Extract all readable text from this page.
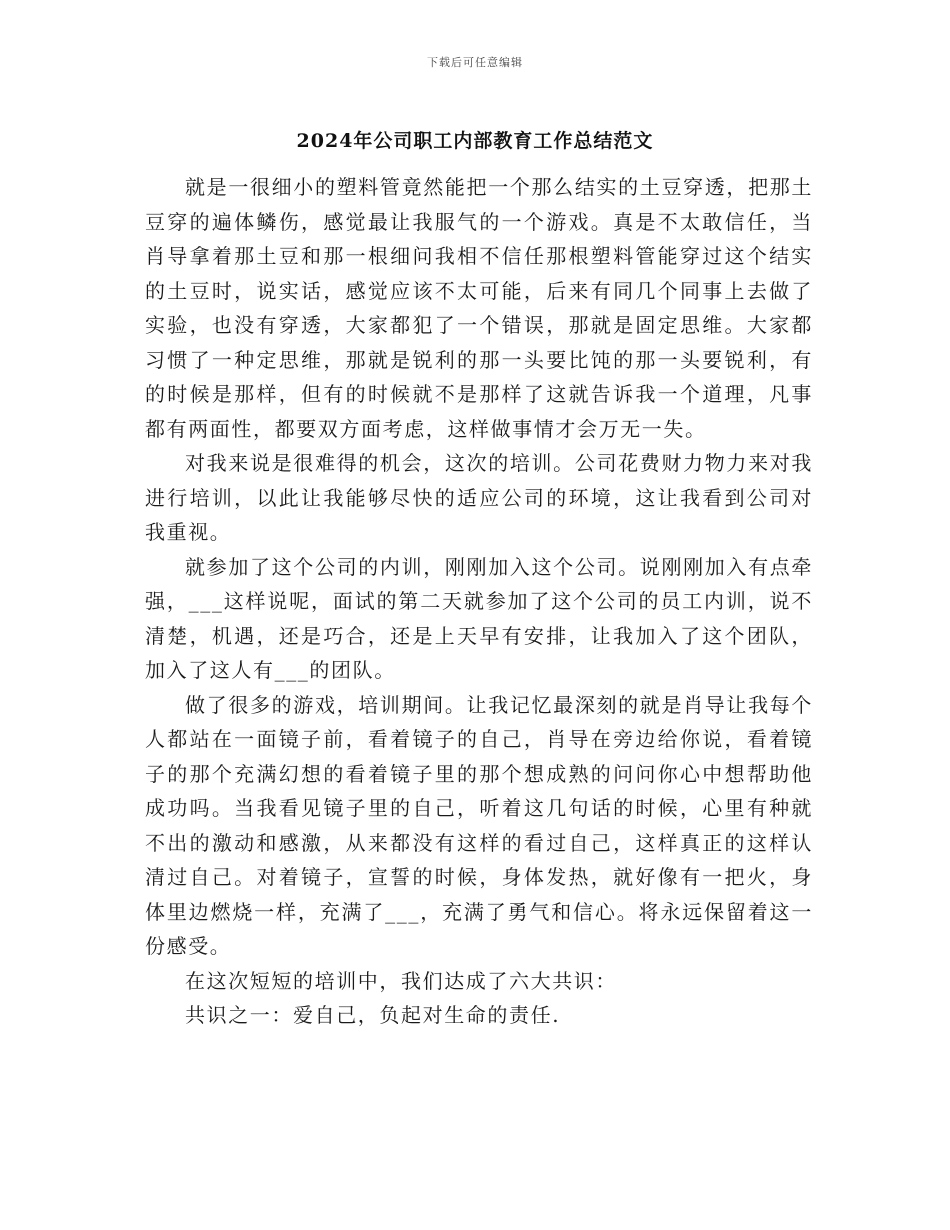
下载后可任意编辑
2024年公司职工内部教育工作总结范文

就是一很细小的塑料管竟然能把一个那么结实的土豆穿透，把那土豆穿的遍体鳞伤，感觉最让我服气的一个游戏。真是不太敢信任，当肖导拿着那土豆和那一根细问我相不信任那根塑料管能穿过这个结实的土豆时，说实话，感觉应该不太可能，后来有同几个同事上去做了实验，也没有穿透，大家都犯了一个错误，那就是固定思维。大家都习惯了一种定思维，那就是锐利的那一头要比饨的那一头要锐利，有的时候是那样，但有的时候就不是那样了这就告诉我一个道理，凡事都有两面性，都要双方面考虑，这样做事情才会万无一失。

对我来说是很难得的机会，这次的培训。公司花费财力物力来对我进行培训，以此让我能够尽快的适应公司的环境，这让我看到公司对我重视。

就参加了这个公司的内训，刚刚加入这个公司。说刚刚加入有点牵强，___这样说呢，面试的第二天就参加了这个公司的员工内训，说不清楚，机遇，还是巧合，还是上天早有安排，让我加入了这个团队，加入了这人有___的团队。

做了很多的游戏，培训期间。让我记忆最深刻的就是肖导让我每个人都站在一面镜子前，看着镜子的自己，肖导在旁边给你说，看着镜子的那个充满幻想的看着镜子里的那个想成熟的问问你心中想帮助他成功吗。当我看见镜子里的自己，听着这几句话的时候，心里有种就不出的激动和感激，从来都没有这样的看过自己，这样真正的这样认清过自己。对着镜子，宣誓的时候，身体发热，就好像有一把火，身体里边燃烧一样，充满了___，充满了勇气和信心。将永远保留着这一份感受。

在这次短短的培训中，我们达成了六大共识：

共识之一：爱自己，负起对生命的责任.
